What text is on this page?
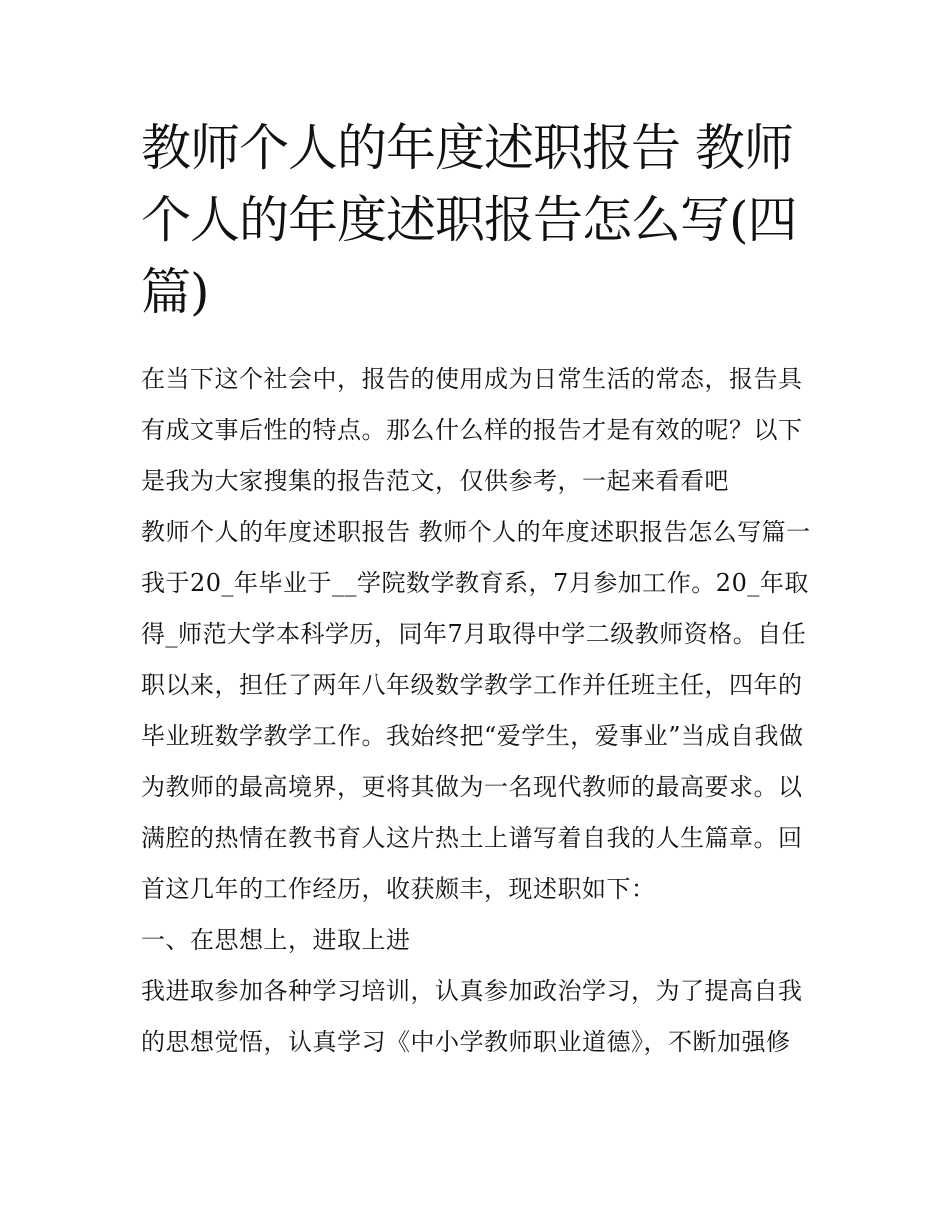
教师个人的年度述职报告 教师个人的年度述职报告怎么写(四篇)

在当下这个社会中，报告的使用成为日常生活的常态，报告具有成文事后性的特点。那么什么样的报告才是有效的呢？以下是我为大家搜集的报告范文，仅供参考，一起来看看吧

教师个人的年度述职报告 教师个人的年度述职报告怎么写篇一

我于20_年毕业于__学院数学教育系，7月参加工作。20_年取得_师范大学本科学历，同年7月取得中学二级教师资格。自任职以来，担任了两年八年级数学教学工作并任班主任，四年的毕业班数学教学工作。我始终把“爱学生，爱事业”当成自我做为教师的最高境界，更将其做为一名现代教师的最高要求。以满腔的热情在教书育人这片热土上谱写着自我的人生篇章。回首这几年的工作经历，收获颇丰，现述职如下：

一、在思想上，进取上进

我进取参加各种学习培训，认真参加政治学习，为了提高自我的思想觉悟，认真学习《中小学教师职业道德》，不断加强修
